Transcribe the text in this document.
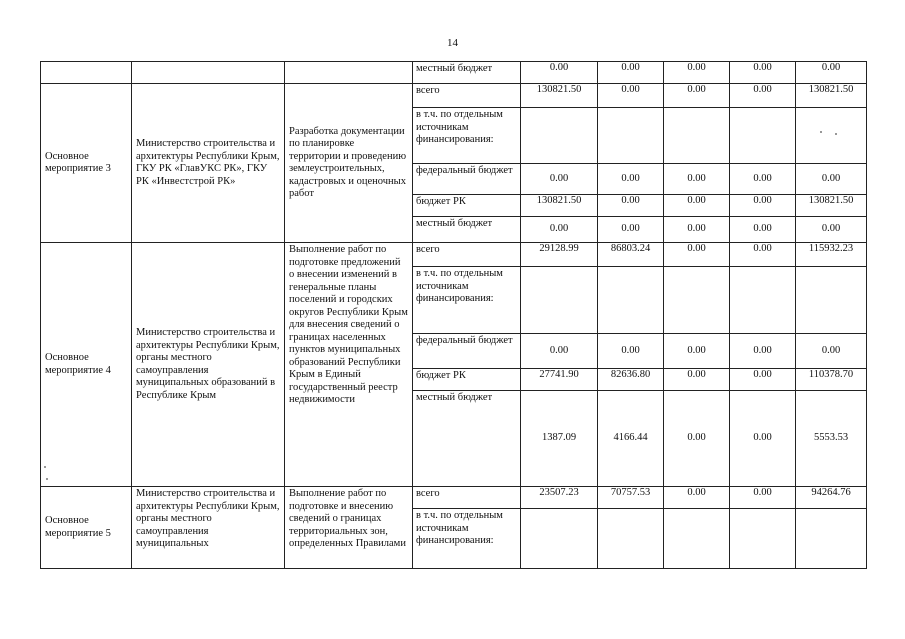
14
			местный бюджет	0.00	0.00	0.00	0.00	0.00
Основное мероприятие 3	Министерство строительства и архитектуры Республики Крым, ГКУ РК «ГлавУКС РК», ГКУ РК «Инвестстрой РК»	Разработка документации по планировке территории и проведению землеустроительных, кадастровых и оценочных работ	всего	130821.50	0.00	0.00	0.00	130821.50
			в т.ч. по отдельным источникам финансирования:					
			федеральный бюджет	0.00	0.00	0.00	0.00	0.00
			бюджет РК	130821.50	0.00	0.00	0.00	130821.50
			местный бюджет	0.00	0.00	0.00	0.00	0.00
Основное мероприятие 4	Министерство строительства и архитектуры Республики Крым, органы местного самоуправления муниципальных образований в Республике Крым	Выполнение работ по подготовке предложений о внесении изменений в генеральные планы поселений и городских округов Республики Крым для внесения сведений о границах населенных пунктов муниципальных образований Республики Крым в Единый государственный реестр недвижимости	всего	29128.99	86803.24	0.00	0.00	115932.23
			в т.ч. по отдельным источникам финансирования:					
			федеральный бюджет	0.00	0.00	0.00	0.00	0.00
			бюджет РК	27741.90	82636.80	0.00	0.00	110378.70
			местный бюджет	1387.09	4166.44	0.00	0.00	5553.53
Основное мероприятие 5	Министерство строительства и архитектуры Республики Крым, органы местного самоуправления муниципальных	Выполнение работ по подготовке и внесению сведений о границах территориальных зон, определенных Правилами	всего	23507.23	70757.53	0.00	0.00	94264.76
			в т.ч. по отдельным источникам финансирования:					
